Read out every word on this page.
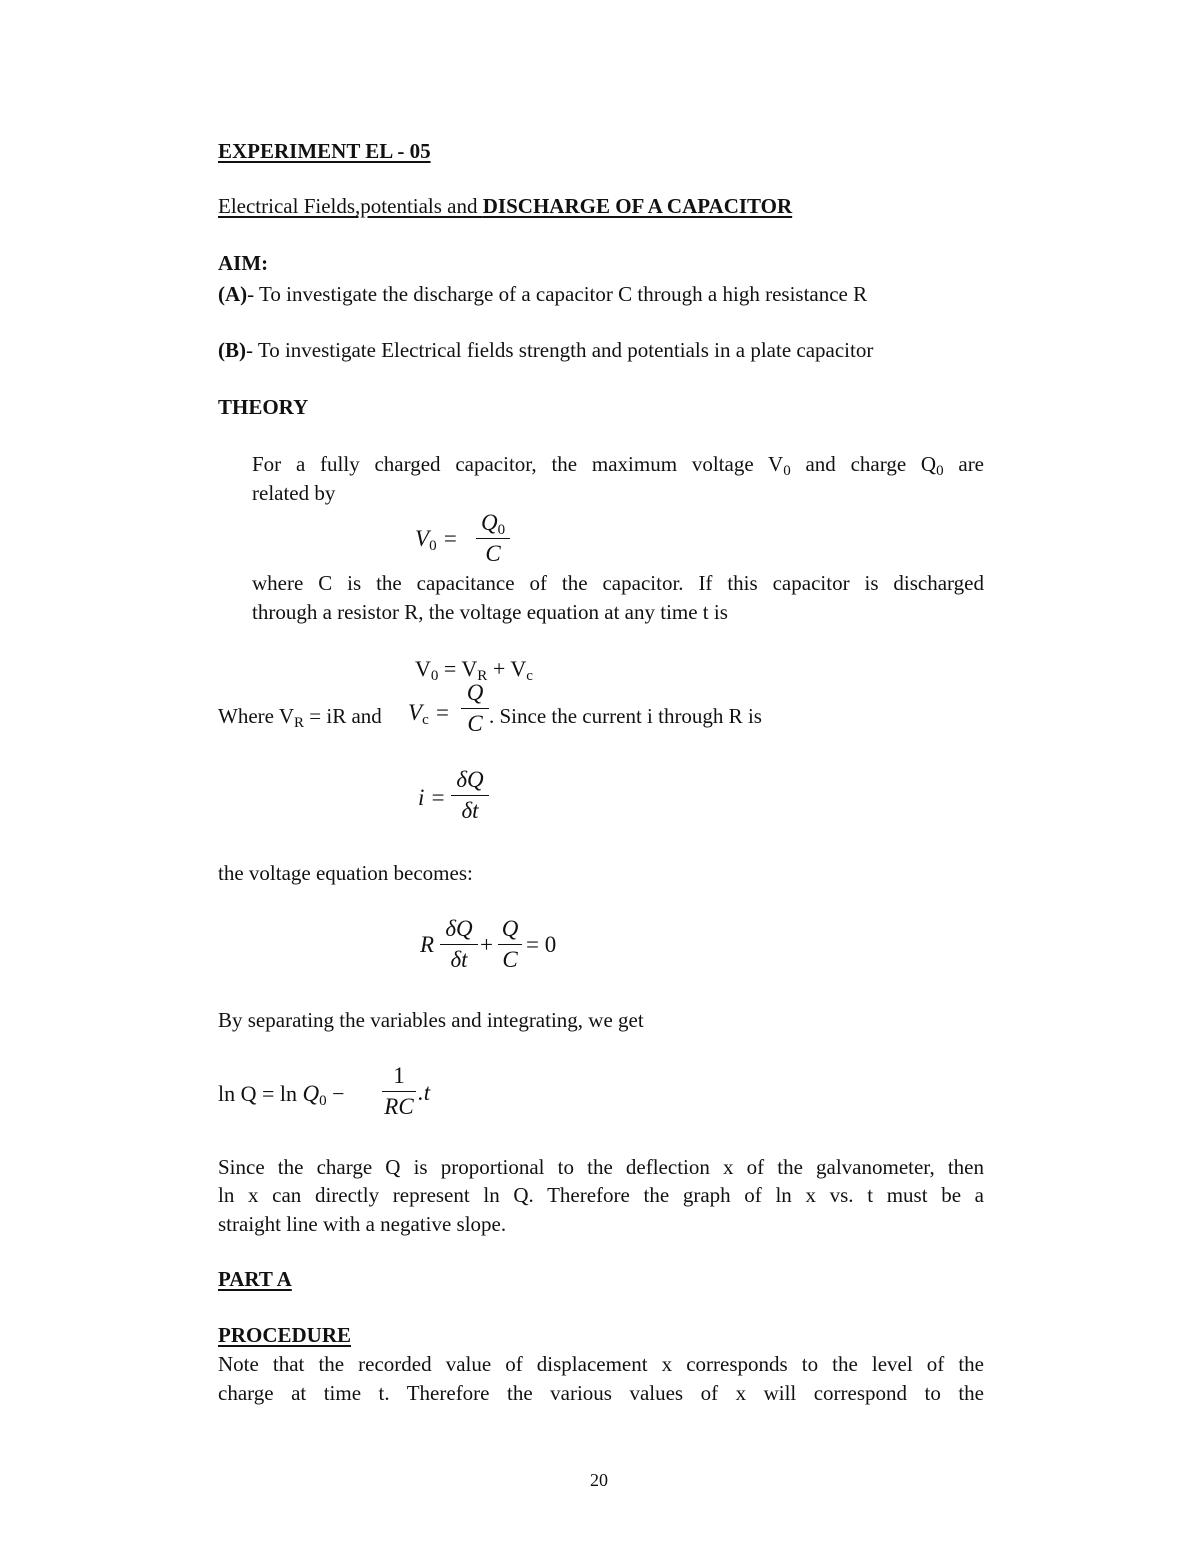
EXPERIMENT EL - 05
Electrical Fields,potentials and DISCHARGE OF A CAPACITOR
AIM:
(A)- To investigate the discharge of a capacitor C through a high resistance R
(B)- To investigate Electrical fields strength and potentials in a plate capacitor
THEORY
For a fully charged capacitor, the maximum voltage $V_0$ and charge $Q_0$ are
related by
$V_0$ =
$Q_0$
C
where C is the capacitance of the capacitor. If this capacitor is discharged
through a resistor R, the voltage equation at any time t is
$V_0 = V_R + V_c$
Where $V_R$ = iR and $V_c$ =
Q
C . Since the current i through R is
i =
δQ
δt
the voltage equation becomes:
R
δQ
δt
+
Q
C
= 0
By separating the variables and integrating, we get
$\ln Q = \ln Q_0$ −
1
RC
.t
Since the charge Q is proportional to the deflection x of the galvanometer, then
ln x can directly represent ln Q. Therefore the graph of ln x vs. t must be a
straight line with a negative slope.
PART A
PROCEDURE
Note that the recorded value of displacement x corresponds to the level of the
charge at time t. Therefore the various values of x will correspond to the
20
